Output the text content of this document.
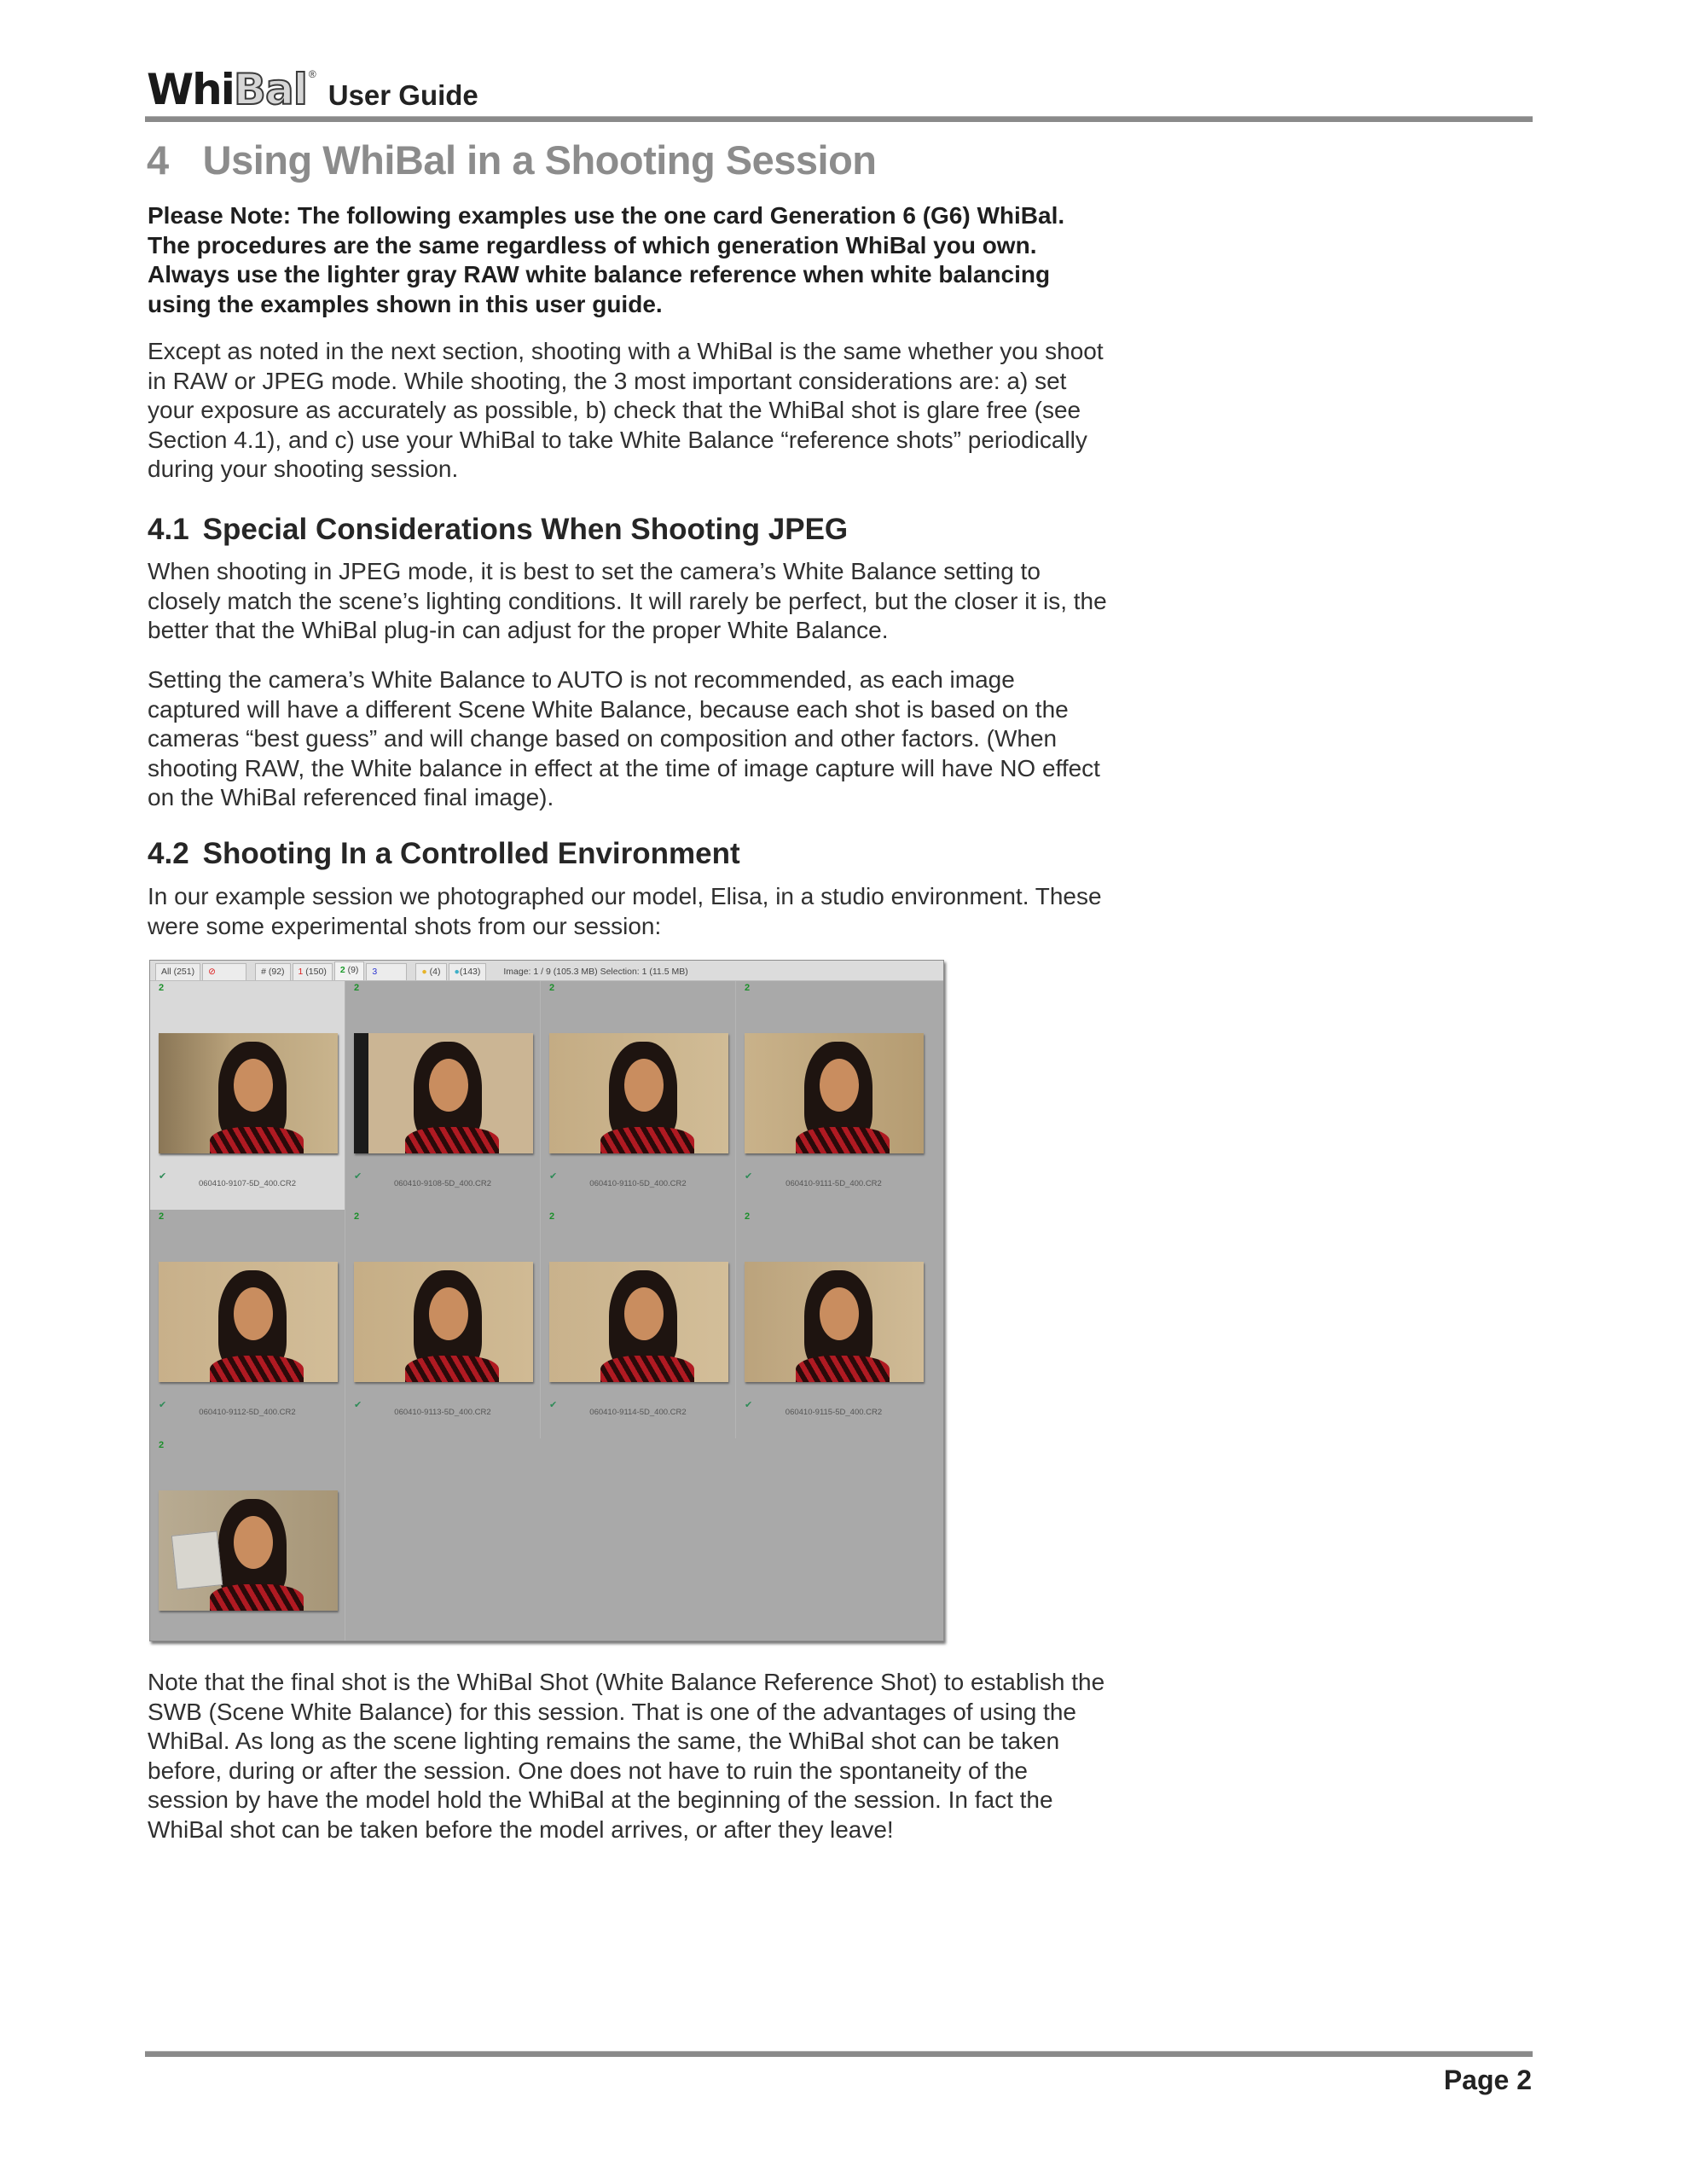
Whi Bal ®
User Guide
4 Using WhiBal in a Shooting Session
Please Note: The following examples use the one card Generation 6 (G6) WhiBal. The procedures are the same regardless of which generation WhiBal you own. Always use the lighter gray RAW white balance reference when white balancing using the examples shown in this user guide.
Except as noted in the next section, shooting with a WhiBal is the same whether you shoot in RAW or JPEG mode. While shooting, the 3 most important considerations are: a) set your exposure as accurately as possible, b) check that the WhiBal shot is glare free (see Section 4.1), and c) use your WhiBal to take White Balance “reference shots” periodically during your shooting session.
4.1 Special Considerations When Shooting JPEG
When shooting in JPEG mode, it is best to set the camera’s White Balance setting to closely match the scene’s lighting conditions. It will rarely be perfect, but the closer it is, the better that the WhiBal plug-in can adjust for the proper White Balance.
Setting the camera’s White Balance to AUTO is not recommended, as each image captured will have a different Scene White Balance, because each shot is based on the cameras “best guess” and will change based on composition and other factors. (When shooting RAW, the White balance in effect at the time of image capture will have NO effect on the WhiBal referenced final image).
4.2 Shooting In a Controlled Environment
In our example session we photographed our model, Elisa, in a studio environment. These were some experimental shots from our session:
All (251)	⊘	# (92)	1 (150)	2 (9)	3	● (4)	●(143)	Image: 1 / 9 (105.3 MB) Selection: 1 (11.5 MB)
2
✔
060410-9107-5D_400.CR2
2
✔
060410-9108-5D_400.CR2
2
✔
060410-9110-5D_400.CR2
2
✔
060410-9111-5D_400.CR2
2
✔
060410-9112-5D_400.CR2
2
✔
060410-9113-5D_400.CR2
2
✔
060410-9114-5D_400.CR2
2
✔
060410-9115-5D_400.CR2
2
Note that the final shot is the WhiBal Shot (White Balance Reference Shot) to establish the SWB (Scene White Balance) for this session. That is one of the advantages of using the WhiBal. As long as the scene lighting remains the same, the WhiBal shot can be taken before, during or after the session. One does not have to ruin the spontaneity of the session by have the model hold the WhiBal at the beginning of the session. In fact the WhiBal shot can be taken before the model arrives, or after they leave!
Page 2
